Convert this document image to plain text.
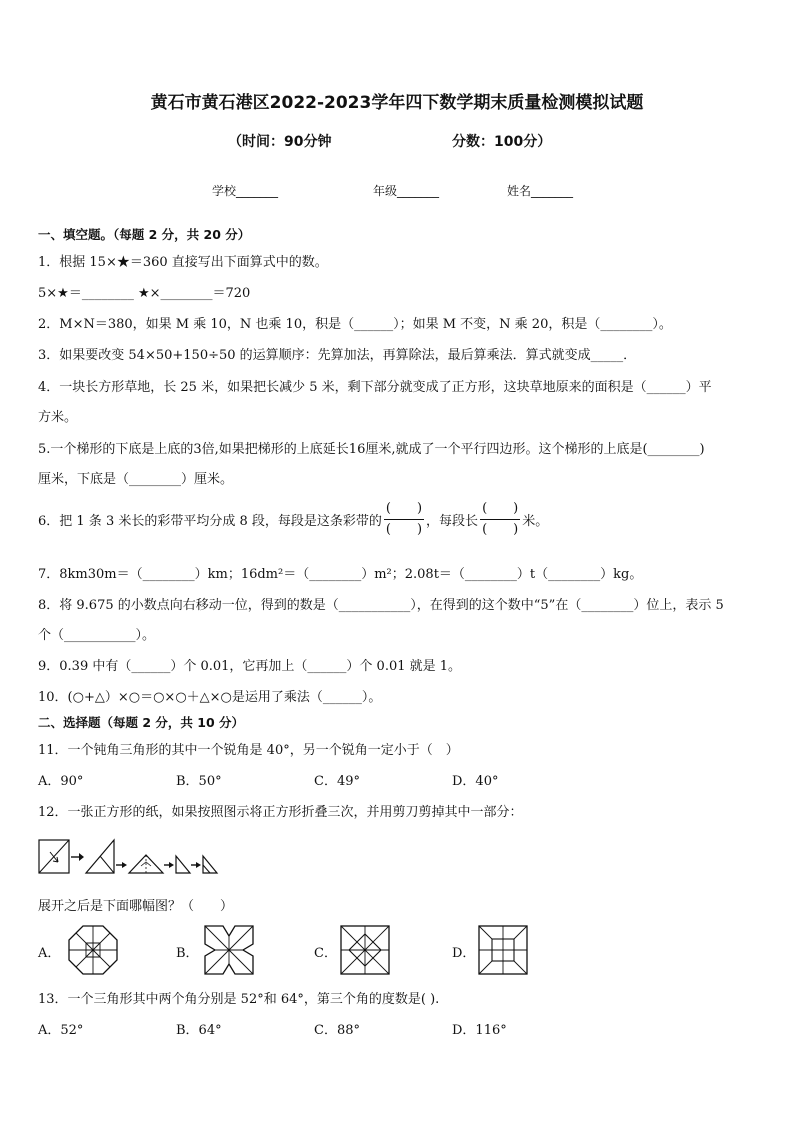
黄石市黄石港区2022-2023学年四下数学期末质量检测模拟试题
（时间：90分钟	分数：100分）
学校_______	年级_______	姓名_______
一、填空题。（每题 2 分，共 20 分）
1．根据 15×★＝360 直接写出下面算式中的数。
5×★＝________ ★×________＝720
2．M×N＝380，如果 M 乘 10，N 也乘 10，积是（______）；如果 M 不变，N 乘 20，积是（________）。
3．如果要改变 54×50+150÷50 的运算顺序：先算加法，再算除法，最后算乘法．算式就变成_____．
4．一块长方形草地，长 25 米，如果把长减少 5 米，剩下部分就变成了正方形，这块草地原来的面积是（______）平
方米。
5.一个梯形的下底是上底的3倍,如果把梯形的上底延长16厘米,就成了一个平行四边形。这个梯形的上底是(________)
厘米，下底是（________）厘米。
6．把 1 条 3 米长的彩带平均分成 8 段，每段是这条彩带的 $\frac{( )}{( )}$ ，每段长 $\frac{( )}{( )}$ 米。
7．8km30m＝（________）km；16dm²＝（________）m²；2.08t＝（________）t（________）kg。
8．将 9.675 的小数点向右移动一位，得到的数是（___________），在得到的这个数中“5”在（________）位上，表示 5
个（___________）。
9．0.39 中有（______）个 0.01，它再加上（______）个 0.01 就是 1。
10．(○+△）×○＝○×○＋△×○是运用了乘法（______）。
二、选择题（每题 2 分，共 10 分）
11．一个钝角三角形的其中一个锐角是 40°，另一个锐角一定小于（　）
A．90°	B．50°	C．49°	D．40°
12．一张正方形的纸，如果按照图示将正方形折叠三次，并用剪刀剪掉其中一部分：
展开之后是下面哪幅图？（　　）
A．	B．	C．	D．
13．一个三角形其中两个角分别是 52°和 64°，第三个角的度数是( ).
A．52°	B．64°	C．88°	D．116°
